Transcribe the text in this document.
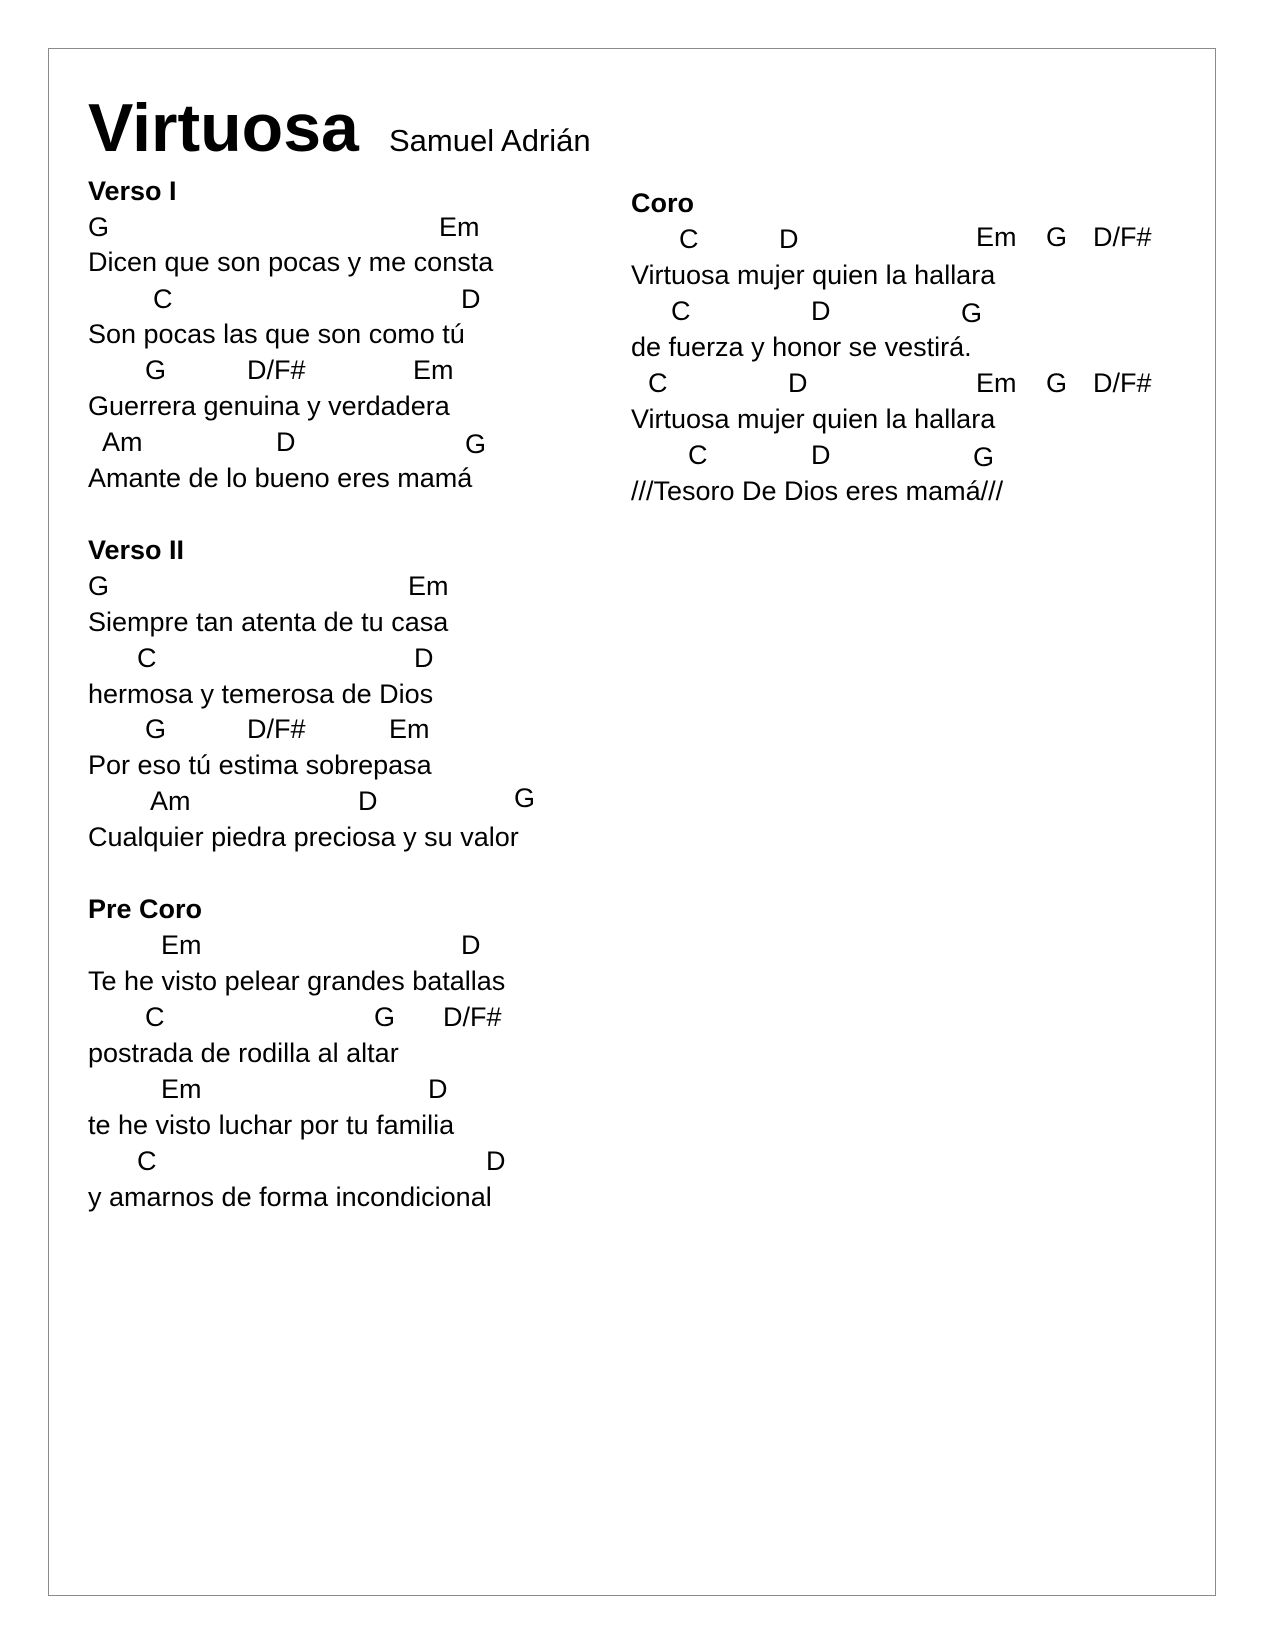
Virtuosa Samuel Adrián
Verso I
G	Em
Dicen que son pocas y me consta
C	D
Son pocas las que son como tú
G	D/F#	Em
Guerrera genuina y verdadera
Am	D	G
Amante de lo bueno eres mamá
Verso II
G	Em
Siempre tan atenta de tu casa
C	D
hermosa y temerosa de Dios
G	D/F#	Em
Por eso tú estima sobrepasa
Am	D	G
Cualquier piedra preciosa y su valor
Pre Coro
Em	D
Te he visto pelear grandes batallas
C	G D/F#
postrada de rodilla al altar
Em	D
te he visto luchar por tu familia
C	D
y amarnos de forma incondicional
Coro
C	D	Em G D/F#
Virtuosa mujer quien la hallara
C	D	G
de fuerza y honor se vestirá.
C	D	Em G D/F#
Virtuosa mujer quien la hallara
C	D	G
///Tesoro De Dios eres mamá///
